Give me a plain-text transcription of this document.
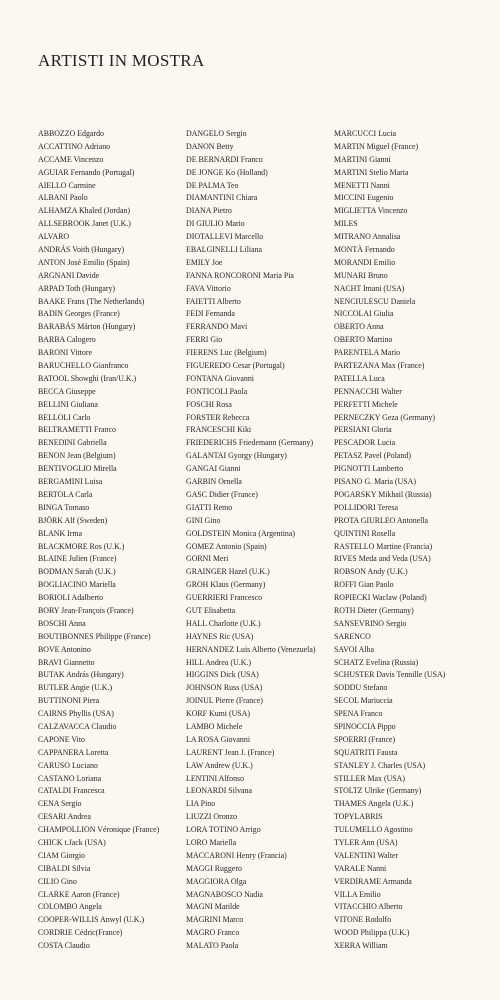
ARTISTI IN MOSTRA
ABBOZZO Edgardo
ACCATTINO Adriano
ACCAME Vincenzo
AGUIAR Fernando (Portugal)
AIELLO Carmine
ALBANI Paolo
ALHAMZA Khaled (Jordan)
ALLSEBROOK Janet (U.K.)
ALVARO
ANDRÁS Voith (Hungary)
ANTON José Emilio (Spain)
ARGNANI Davide
ARPAD Toth (Hungary)
BAAKE Frans (The Netherlands)
BADIN Georges (France)
BARABÁS Márton (Hungary)
BARBA Calogero
BARONI Vittore
BARUCHELLO Gianfranco
BATOOL Showghi (Iran/U.K.)
BECCA Giuseppe
BELLINI Giuliana
BELLOLI Carlo
BELTRAMETTI Franco
BENEDINI Gabriella
BENON Jean (Belgium)
BENTIVOGLIO Mirella
BERGAMINI Luisa
BERTOLA Carla
BINGA Tomaso
BJÖRK Alf (Sweden)
BLANK Irma
BLACKMORE Ros (U.K.)
BLAINE Julien (France)
BODMAN Sarah (U.K.)
BOGLIACINO Mariella
BORIOLI Adalberto
BORY Jean-François (France)
BOSCHI Anna
BOUTIBONNES Philippe (France)
BOVE Antonino
BRAVI Giannetto
BUTAK András (Hungary)
BUTLER Angie (U.K.)
BUTTINONI Piera
CAIRNS Phyllis (USA)
CALZAVACCA Claudio
CAPONE Vito
CAPPANERA Loretta
CARUSO Luciano
CASTANO Loriana
CATALDI Francesca
CENA Sergio
CESARI Andrea
CHAMPOLLION Véronique (France)
CHICK t.Jack (USA)
CIAM Giorgio
CIBALDI Silvia
CILIO Gino
CLARKE Aaron (France)
COLOMBO Angela
COOPER-WILLIS Anwyl (U.K.)
CORDRIE Cédric(France)
COSTA Claudio
DANGELO Sergio
DANON Betty
DE BERNARDI Franco
DE JONGE Ko (Holland)
DE PALMA Teo
DIAMANTINI Chiara
DIANA Pietro
DI GIULIO Mario
DIOTALLEVI Marcello
EBALGINELLI Liliana
EMILY Joe
FANNA RONCORONI Maria Pia
FAVA Vittorio
FAIETTI Alberto
FEDI Fernanda
FERRANDO Mavi
FERRI Gio
FIERENS Luc (Belgium)
FIGUEREDO Cesar (Portugal)
FONTANA Giovanni
FONTICOLI Paola
FOSCHI Rosa
FORSTER Rebecca
FRANCESCHI Kiki
FRIEDERICHS Friedemann (Germany)
GALANTAI Gyorgy (Hungary)
GANGAI Gianni
GARBIN Ornella
GASC Didier (France)
GIATTI Remo
GINI Gino
GOLDSTEIN Monica (Argentina)
GOMEZ Antonio (Spain)
GORNI Meri
GRAINGER Hazel (U.K.)
GROH Klaus (Germany)
GUERRIERI Francesco
GUT Elisabetta
HALL Charlotte (U.K.)
HAYNES Ric (USA)
HERNANDEZ Luis Alberto (Venezuela)
HILL Andrea (U.K.)
HIGGINS Dick (USA)
JOHNSON Russ (USA)
JOINUL Pierre (France)
KORF Kumi (USA)
LAMBO Michele
LA ROSA Giovanni
LAURENT Jean J. (France)
LAW Andrew (U.K.)
LENTINI Alfonso
LEONARDI Silvana
LIA Pino
LIUZZI Oronzo
LORA TOTINO Arrigo
LORO Mariella
MACCARONI Henry (Francia)
MAGGI Ruggero
MAGGIORA Olga
MAGNABOSCO Nadia
MAGNI Marilde
MAGRINI Marco
MAGRO Franco
MALATO Paola
MARCUCCI Lucia
MARTIN Miguel (France)
MARTINI Gianni
MARTINI Stelio Maria
MENETTI Nanni
MICCINI Eugenio
MIGLIETTA Vincenzo
MILES
MITRANO Annalisa
MONTÀ Fernando
MORANDI Emilio
MUNARI Bruno
NACHT Imani (USA)
NENCIULESCU Daniela
NICCOLAI Giulia
OBERTO Anna
OBERTO Martino
PARENTELA Mario
PARTEZANA Max (France)
PATELLA Luca
PENNACCHI Walter
PERFETTI Michele
PERNECZKY Geza (Germany)
PERSIANI Gloria
PESCADOR Lucia
PETASZ Pavel (Poland)
PIGNOTTI Lamberto
PISANO G. Maria (USA)
POGARSKY Mikhail (Russia)
POLLIDORI Teresa
PROTA GIURLEO Antonella
QUINTINI Rosella
RASTELLO Martine (Francia)
RIVES Meda and Veda (USA)
ROBSON Andy (U.K.)
ROFFI Gian Paolo
ROPIECKI Waclaw (Poland)
ROTH Dieter (Germany)
SANSEVRINO Sergio
SARENCO
SAVOI Alba
SCHATZ Evelina (Russia)
SCHUSTER Davis Tennille (USA)
SODDU Stefano
SECOL Mariuccia
SPENA Franco
SPINOCCIA Pippo
SPOERRI (France)
SQUATRITI Fausta
STANLEY J. Charles (USA)
STILLER Max (USA)
STOLTZ Ulrike (Germany)
THAMES Angela (U.K.)
TOPYLABRIS
TULUMELLO Agostino
TYLER Ann (USA)
VALENTINI Walter
VARALE Nanni
VERDIRAME Armanda
VILLA Emilio
VITACCHIO Alberto
VITONE Rodolfo
WOOD Philippa (U.K.)
XERRA William
